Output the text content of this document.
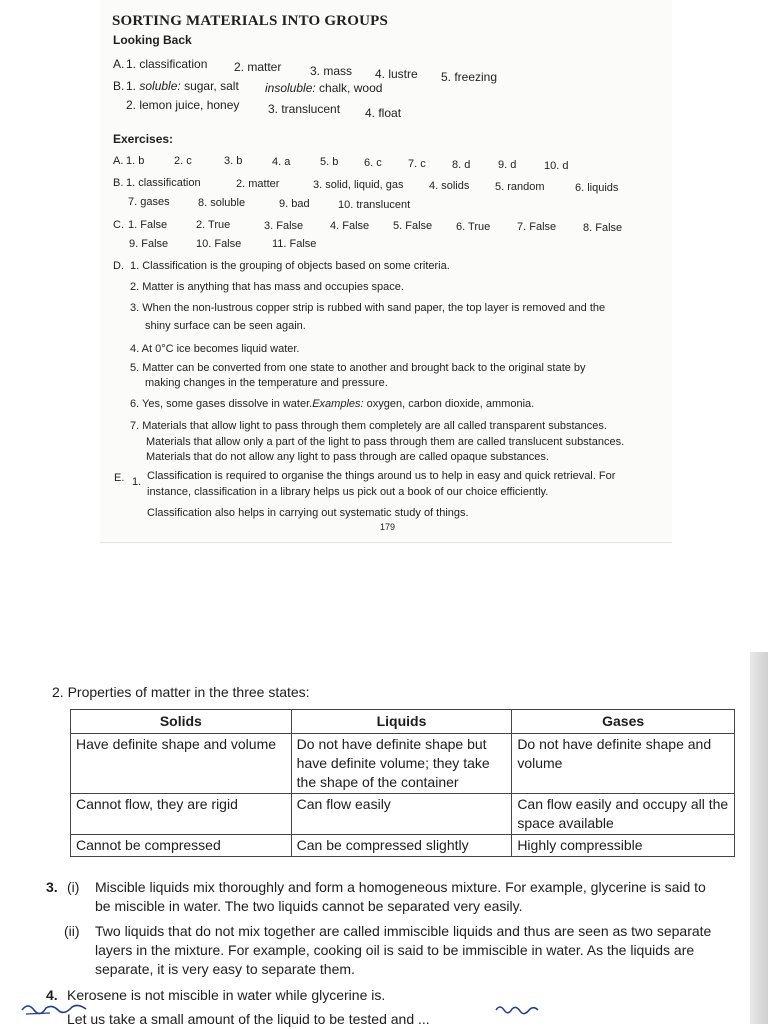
SORTING MATERIALS INTO GROUPS
Looking Back
A. 1. classification 2. matter 3. mass 4. lustre 5. freezing
B. 1. soluble: sugar, salt insoluble: chalk, wood
2. lemon juice, honey 3. translucent 4. float
Exercises:
A. 1. b	2. c	3. b	4. a	5. b 6. c 7. c 8. d	9. d	10. d
B. 1. classification	2. matter	3. solid, liquid, gas 4. solids 5. random	6. liquids
7. gases	8. soluble	9. bad	10. translucent
C. 1. False	2. True	3. False 4. False 5. False 6. True 7. False 8. False
9. False	10. False	11. False
D. 1. Classification is the grouping of objects based on some criteria.
2. Matter is anything that has mass and occupies space.
3. When the non-lustrous copper strip is rubbed with sand paper, the top layer is removed and the
shiny surface can be seen again.
4. At 0°C ice becomes liquid water.
5. Matter can be converted from one state to another and brought back to the original state by
making changes in the temperature and pressure.
6. Yes, some gases dissolve in water.Examples: oxygen, carbon dioxide, ammonia.
7. Materials that allow light to pass through them completely are all called transparent substances.
Materials that allow only a part of the light to pass through them are called translucent substances.
Materials that do not allow any light to pass through are called opaque substances.
E. 1. Classification is required to organise the things around us to help in easy and quick retrieval. For
instance, classification in a library helps us pick out a book of our choice efficiently.
Classification also helps in carrying out systematic study of things.
179
2. Properties of matter in the three states:
Solids	Liquids	Gases
Have definite shape and volume	Do not have definite shape but have definite volume; they take the shape of the container	Do not have definite shape and volume
Cannot flow, they are rigid	Can flow easily	Can flow easily and occupy all the space available
Cannot be compressed	Can be compressed slightly	Highly compressible
3. (i) Miscible liquids mix thoroughly and form a homogeneous mixture. For example, glycerine is said to be miscible in water. The two liquids cannot be separated very easily.
(ii) Two liquids that do not mix together are called immiscible liquids and thus are seen as two separate layers in the mixture. For example, cooking oil is said to be immiscible in water. As the liquids are separate, it is very easy to separate them.
4. Kerosene is not miscible in water while glycerine is.
Let us take a small amount of the liquid to be tested and ...
